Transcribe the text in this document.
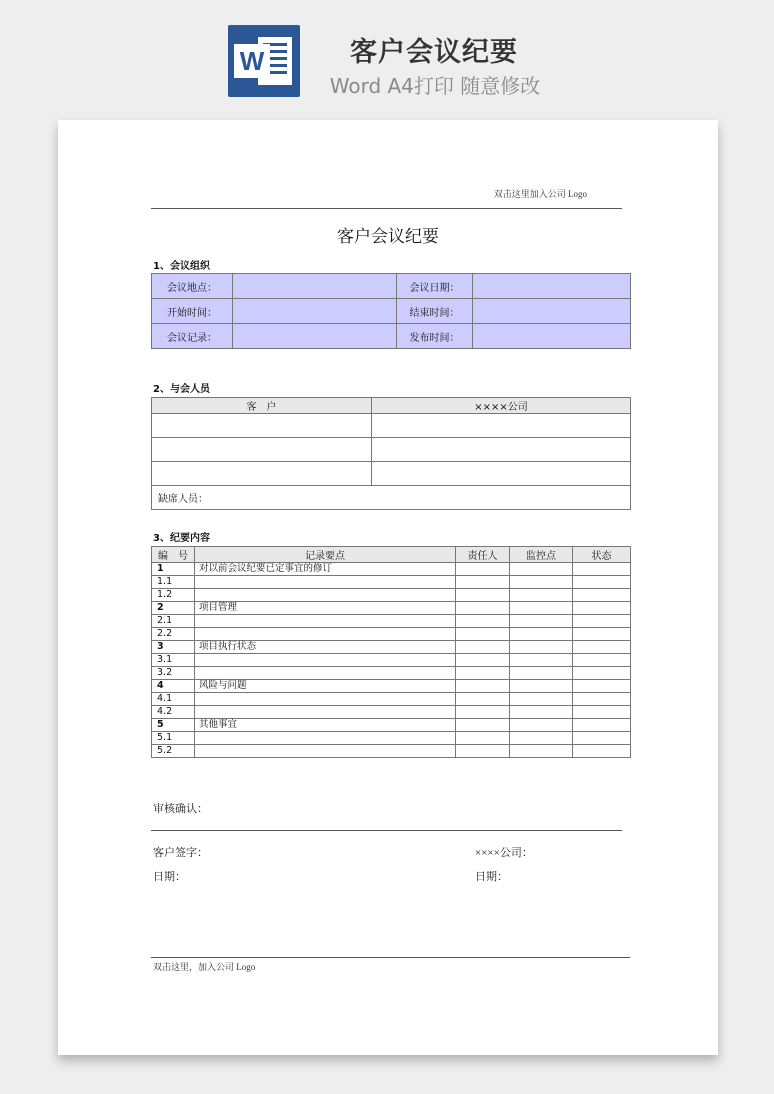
W	客户会议纪要
Word A4打印 随意修改
双击这里加入公司 Logo
客户会议纪要
1、会议组织
会议地点：		会议日期：	
开始时间：		结束时间：	
会议记录：		发布时间：	
2、与会人员
客　户	××××公司

缺席人员：	
3、纪要内容
编　号	记录要点	责任人	监控点	状态
1	对以前会议纪要已定事宜的修订			
1.1				
1.2				
2	项目管理			
2.1				
2.2				
3	项目执行状态			
3.1				
3.2				
4	风险与问题			
4.1				
4.2				
5	其他事宜			
5.1				
5.2				
审核确认：
客户签字：	××××公司：
日期：	日期：
双击这里，加入公司 Logo
